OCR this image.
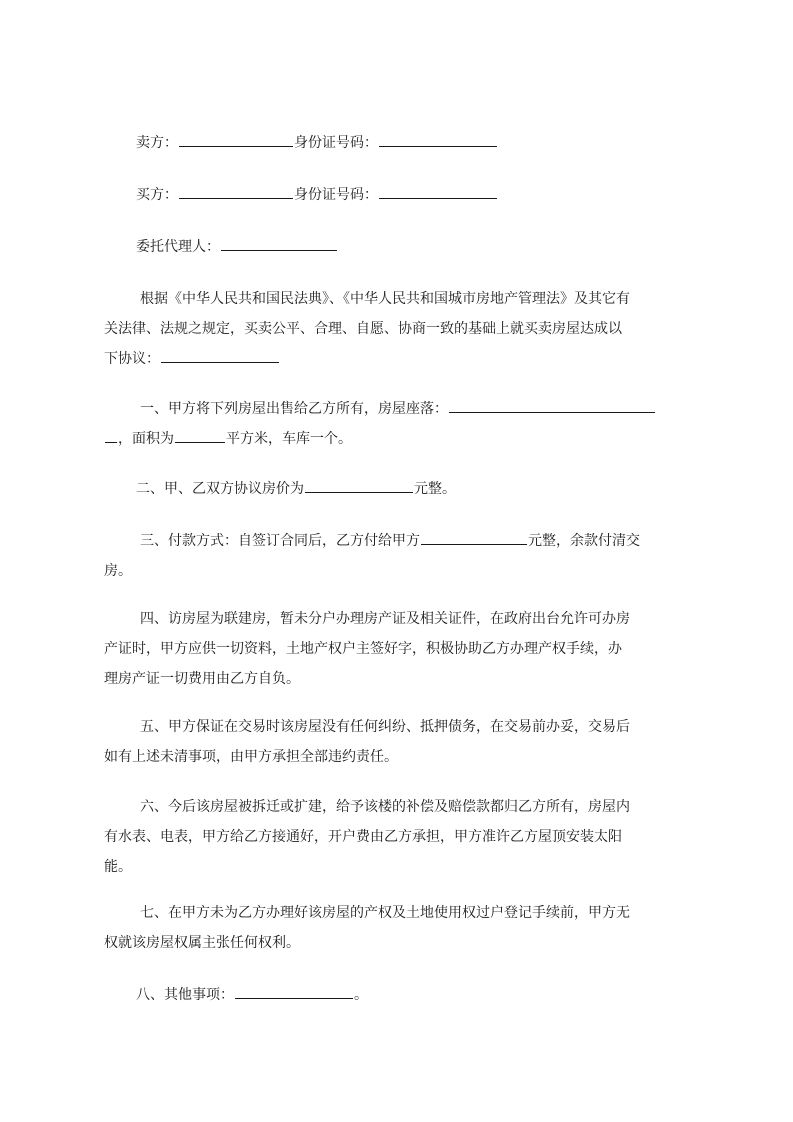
卖方：	身份证号码：
买方：	身份证号码：
委托代理人：
根据《中华人民共和国民法典》、《中华人民共和国城市房地产管理法》及其它有
关法律、法规之规定，买卖公平、合理、自愿、协商一致的基础上就买卖房屋达成以
下协议：
一、甲方将下列房屋出售给乙方所有，房屋座落：
，面积为	平方米，车库一个。
二、甲、乙双方协议房价为	元整。
三、付款方式：自签订合同后，乙方付给甲方	元整，余款付清交
房。
四、访房屋为联建房，暂未分户办理房产证及相关证件，在政府出台允许可办房
产证时，甲方应供一切资料，土地产权户主签好字，积极协助乙方办理产权手续，办
理房产证一切费用由乙方自负。
五、甲方保证在交易时该房屋没有任何纠纷、抵押债务，在交易前办妥，交易后
如有上述未清事项，由甲方承担全部违约责任。
六、今后该房屋被拆迁或扩建，给予该楼的补偿及赔偿款都归乙方所有，房屋内
有水表、电表，甲方给乙方接通好，开户费由乙方承担，甲方准许乙方屋顶安装太阳
能。
七、在甲方未为乙方办理好该房屋的产权及土地使用权过户登记手续前，甲方无
权就该房屋权属主张任何权利。
八、其他事项：	。
